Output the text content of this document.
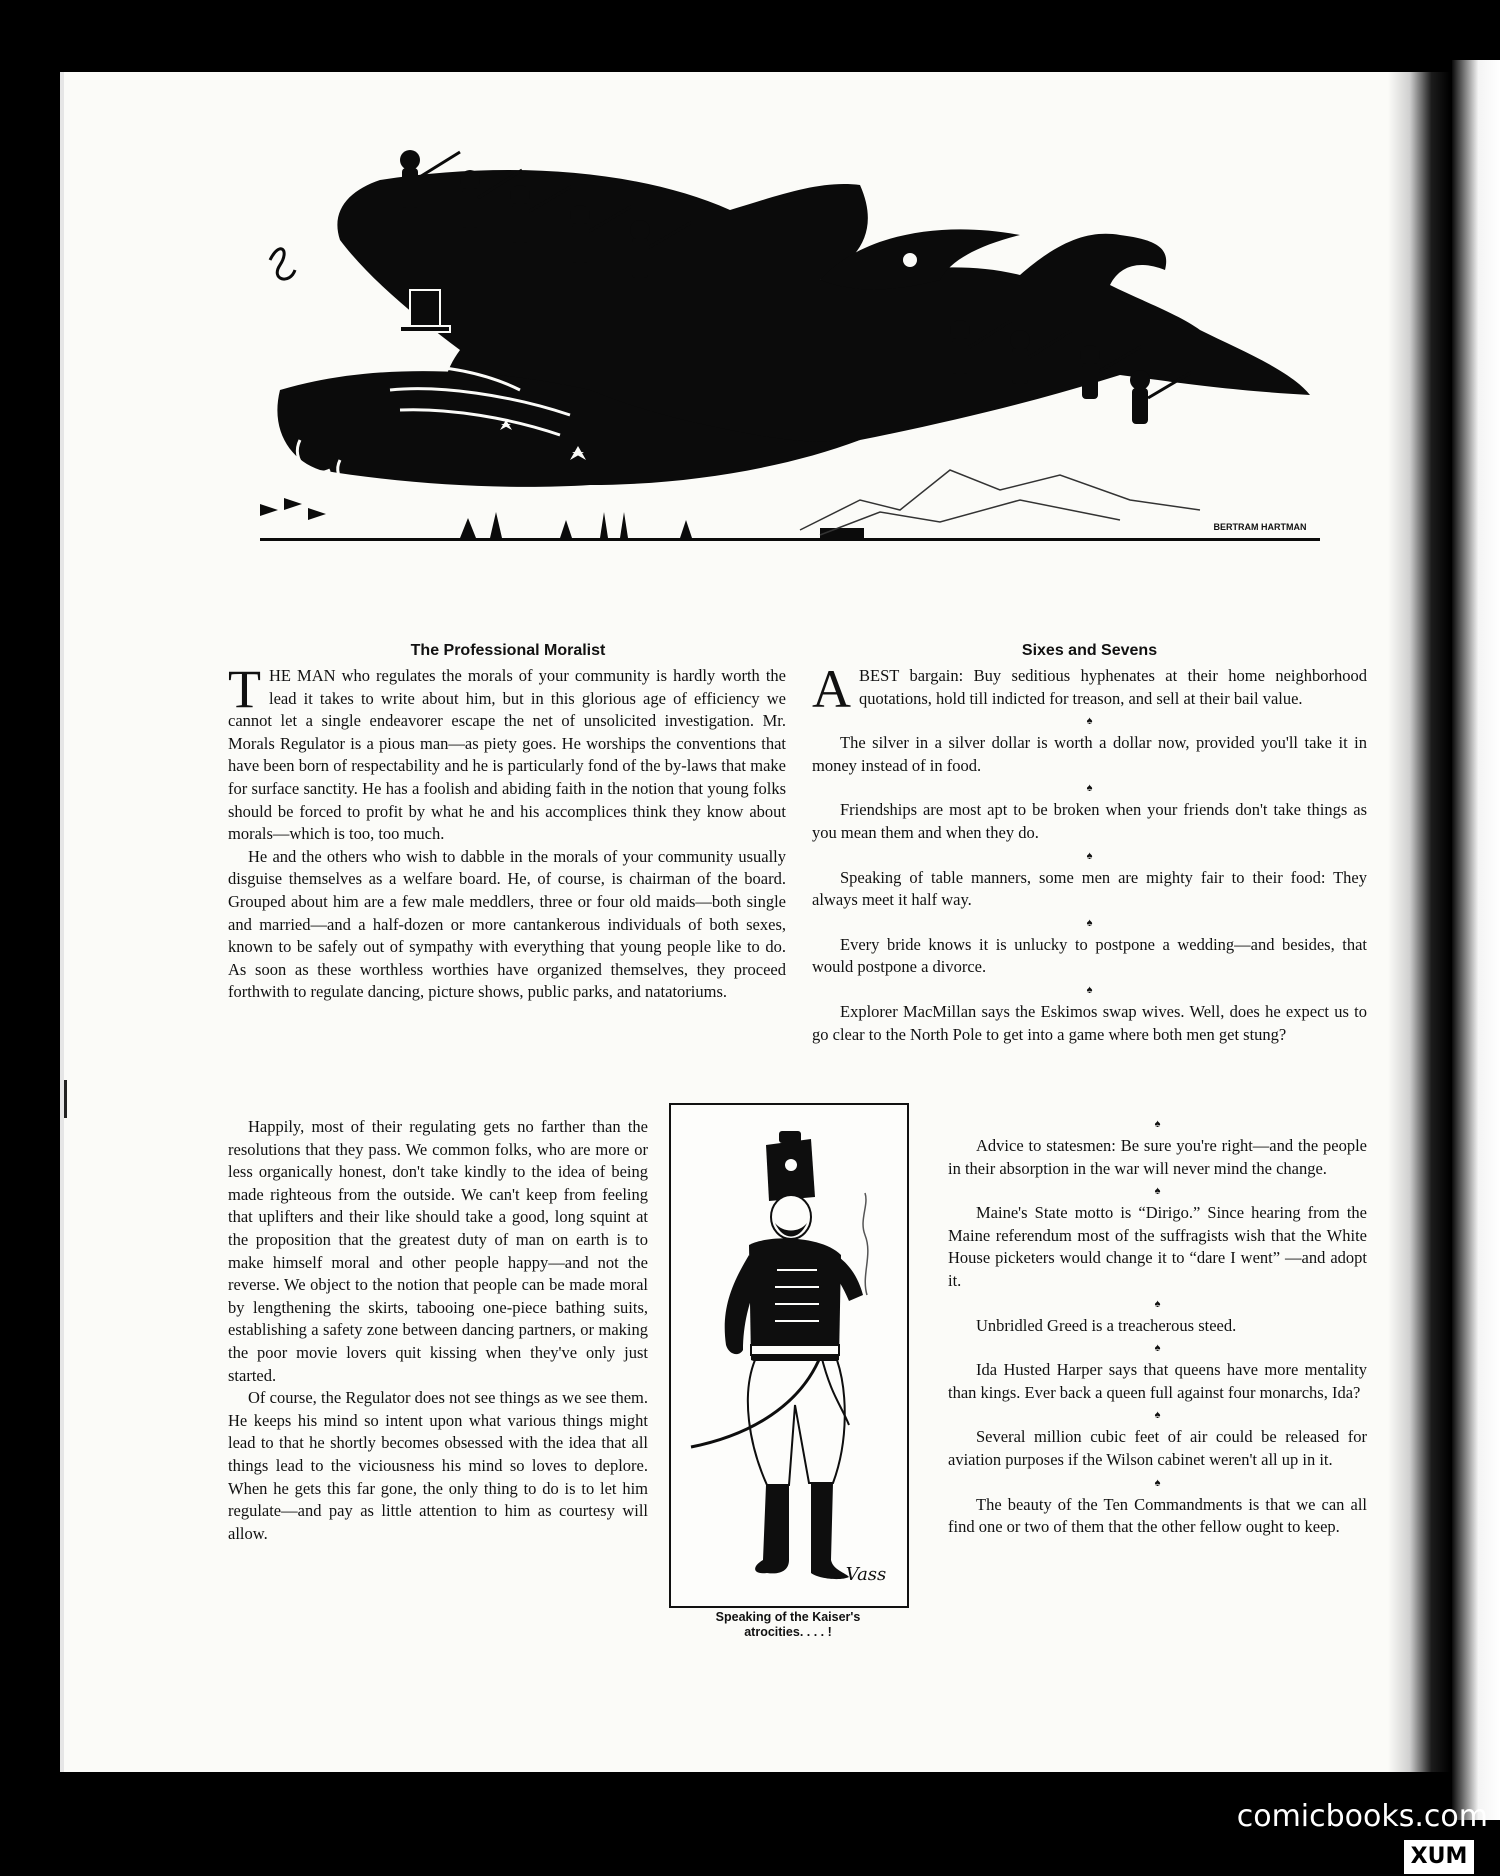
BERTRAM HARTMAN
The Professional Moralist

THE MAN who regulates the morals of your community is hardly worth the lead it takes to write about him, but in this glorious age of efficiency we cannot let a single endeavorer escape the net of unsolicited investigation. Mr. Morals Regulator is a pious man—as piety goes. He worships the conventions that have been born of respectability and he is particularly fond of the by-laws that make for surface sanctity. He has a foolish and abiding faith in the notion that young folks should be forced to profit by what he and his accomplices think they know about morals—which is too, too much.

He and the others who wish to dabble in the morals of your community usually disguise themselves as a welfare board. He, of course, is chairman of the board. Grouped about him are a few male meddlers, three or four old maids—both single and married—and a half-dozen or more cantankerous individuals of both sexes, known to be safely out of sympathy with everything that young people like to do. As soon as these worthless worthies have organized themselves, they proceed forthwith to regulate dancing, picture shows, public parks, and natatoriums.

Happily, most of their regulating gets no farther than the resolutions that they pass. We common folks, who are more or less organically honest, don't take kindly to the idea of being made righteous from the outside. We can't keep from feeling that uplifters and their like should take a good, long squint at the proposition that the greatest duty of man on earth is to make himself moral and other people happy—and not the reverse. We object to the notion that people can be made moral by lengthening the skirts, tabooing one-piece bathing suits, establishing a safety zone between dancing partners, or making the poor movie lovers quit kissing when they've only just started.

Of course, the Regulator does not see things as we see them. He keeps his mind so intent upon what various things might lead to that he shortly becomes obsessed with the idea that all things lead to the viciousness his mind so loves to deplore. When he gets this far gone, the only thing to do is to let him regulate—and pay as little attention to him as courtesy will allow.

Vass
Speaking of the Kaiser's
atrocities. . . . !
Sixes and Sevens

ABEST bargain: Buy seditious hyphenates at their home neighborhood quotations, hold till indicted for treason, and sell at their bail value.

♠

The silver in a silver dollar is worth a dollar now, provided you'll take it in money instead of in food.

♠

Friendships are most apt to be broken when your friends don't take things as you mean them and when they do.

♠

Speaking of table manners, some men are mighty fair to their food: They always meet it half way.

♠

Every bride knows it is unlucky to postpone a wedding—and besides, that would postpone a divorce.

♠

Explorer MacMillan says the Eskimos swap wives. Well, does he expect us to go clear to the North Pole to get into a game where both men get stung?

♠

Advice to statesmen: Be sure you're right—and the people in their absorption in the war will never mind the change.

♠

Maine's State motto is “Dirigo.” Since hearing from the Maine referendum most of the suffragists wish that the White House picketers would change it to “dare I went” —and adopt it.

♠

Unbridled Greed is a treacherous steed.

♠

Ida Husted Harper says that queens have more mentality than kings. Ever back a queen full against four monarchs, Ida?

♠

Several million cubic feet of air could be released for aviation purposes if the Wilson cabinet weren't all up in it.

♠

The beauty of the Ten Commandments is that we can all find one or two of them that the other fellow ought to keep.

comicbooks.com
XUM
